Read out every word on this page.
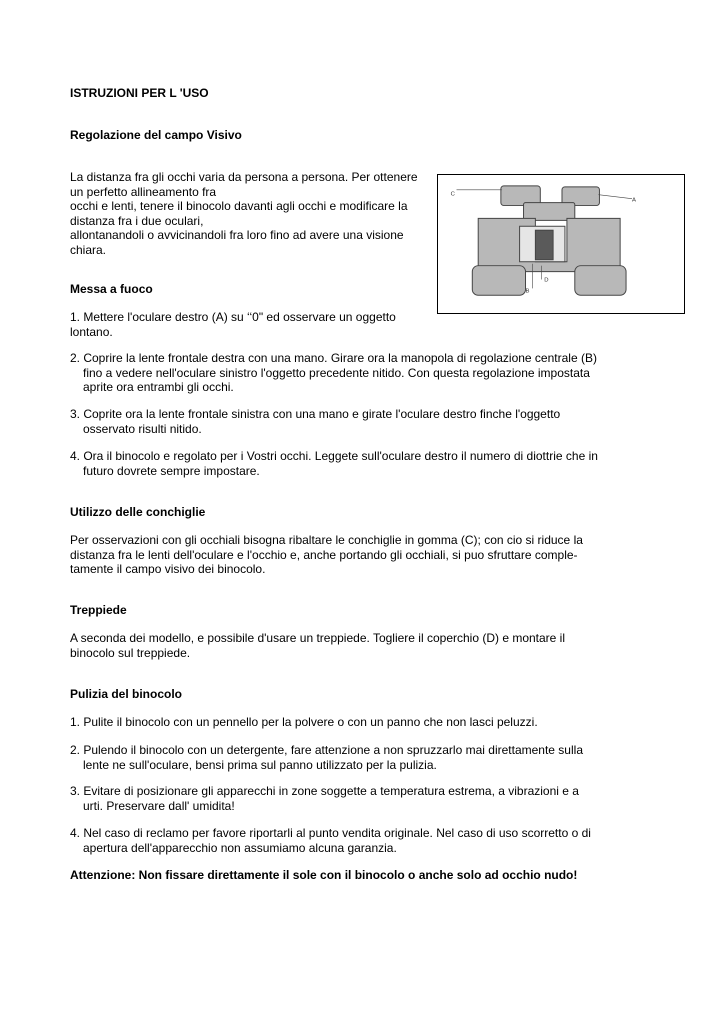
ISTRUZIONI PER L 'USO

Regolazione del campo Visivo

La distanza fra gli occhi varia da persona a persona. Per ottenere
un perfetto allineamento fra
occhi e lenti, tenere il binocolo davanti agli occhi e modificare la
distanza fra i due oculari,
allontanandoli o avvicinandoli fra loro fino ad avere una visione
chiara.

Messa a fuoco

1. Mettere l'oculare destro (A) su ‘‘0" ed osservare un oggetto lontano.

2. Coprire la lente frontale destra con una mano. Girare ora la manopola di regolazione centrale (B) fino a vedere nell'oculare sinistro l'oggetto precedente nitido. Con questa regolazione impostata aprite ora entrambi gli occhi.

3. Coprite ora la lente frontale sinistra con una mano e girate l'oculare destro finche l'oggetto osservato risulti nitido.

4. Ora il binocolo e regolato per i Vostri occhi. Leggete sull'oculare destro il numero di diottrie che in futuro dovrete sempre impostare.

Utilizzo delle conchiglie

Per osservazioni con gli occhiali bisogna ribaltare le conchiglie in gomma (C); con cio si riduce la distanza fra le lenti dell'oculare e l'occhio e, anche portando gli occhiali, si puo sfruttare comple-tamente il campo visivo dei binocolo.

Treppiede

A seconda dei modello, e possibile d'usare un treppiede. Togliere il coperchio (D) e montare il binocolo sul treppiede.

Pulizia del binocolo

1. Pulite il binocolo con un pennello per la polvere o con un panno che non lasci peluzzi.

2. Pulendo il binocolo con un detergente, fare attenzione a non spruzzarlo mai direttamente sulla lente ne sull'oculare, bensi prima sul panno utilizzato per la pulizia.

3. Evitare di posizionare gli apparecchi in zone soggette a temperatura estrema, a vibrazioni e a urti. Preservare dall' umidita!

4. Nel caso di reclamo per favore riportarli al punto vendita originale. Nel caso di uso scorretto o di apertura dell'apparecchio non assumiamo alcuna garanzia.

Attenzione: Non fissare direttamente il sole con il binocolo o anche solo ad occhio nudo!

C
A
B
D
